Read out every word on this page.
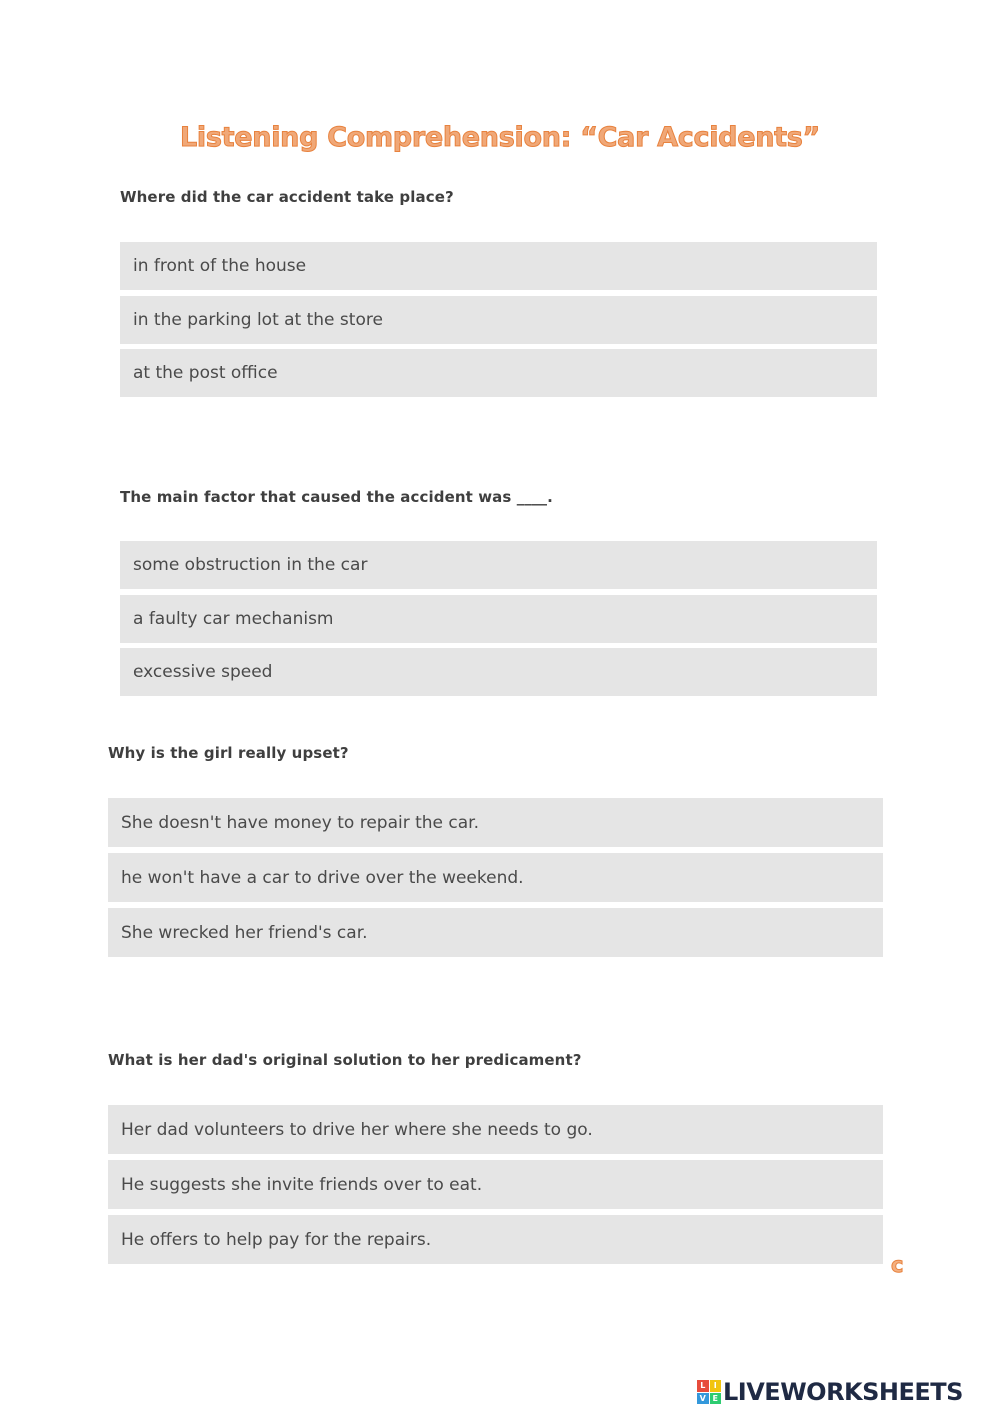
Listening Comprehension: “Car Accidents”
Where did the car accident take place?
in front of the house
in the parking lot at the store
at the post office
The main factor that caused the accident was ____.
some obstruction in the car
a faulty car mechanism
excessive speed
Why is the girl really upset?
She doesn't have money to repair the car.
he won't have a car to drive over the weekend.
She wrecked her friend's car.
What is her dad's original solution to her predicament?
Her dad volunteers to drive her where she needs to go.
He suggests she invite friends over to eat.
He offers to help pay for the repairs.
c
L	I
V E LIVEWORKSHEETS
